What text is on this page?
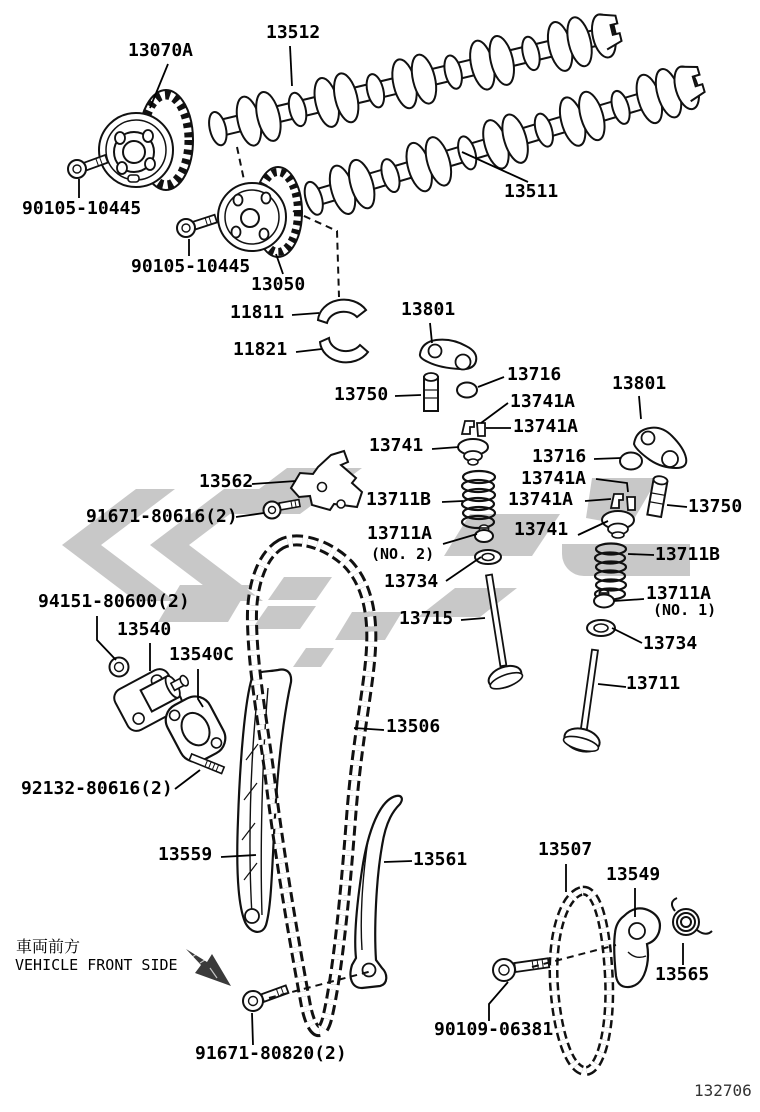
13070A
13512
13511
90105-10445
90105-10445
13050
11811
11821
13801
13750
13716
13741A
13741A
13741
13562
91671-80616(2)
13711B
13711A
(NO. 2)
13734
13715
13801
13716
13741A
13741A
13741
13750
13711B
13711A
(NO. 1)
13734
13711
94151-80600(2)
13540
13540C
92132-80616(2)
13506
13559	13561	13507
13549
13565
90109-06381
91671-80820(2)
車両前方
VEHICLE FRONT SIDE
132706
